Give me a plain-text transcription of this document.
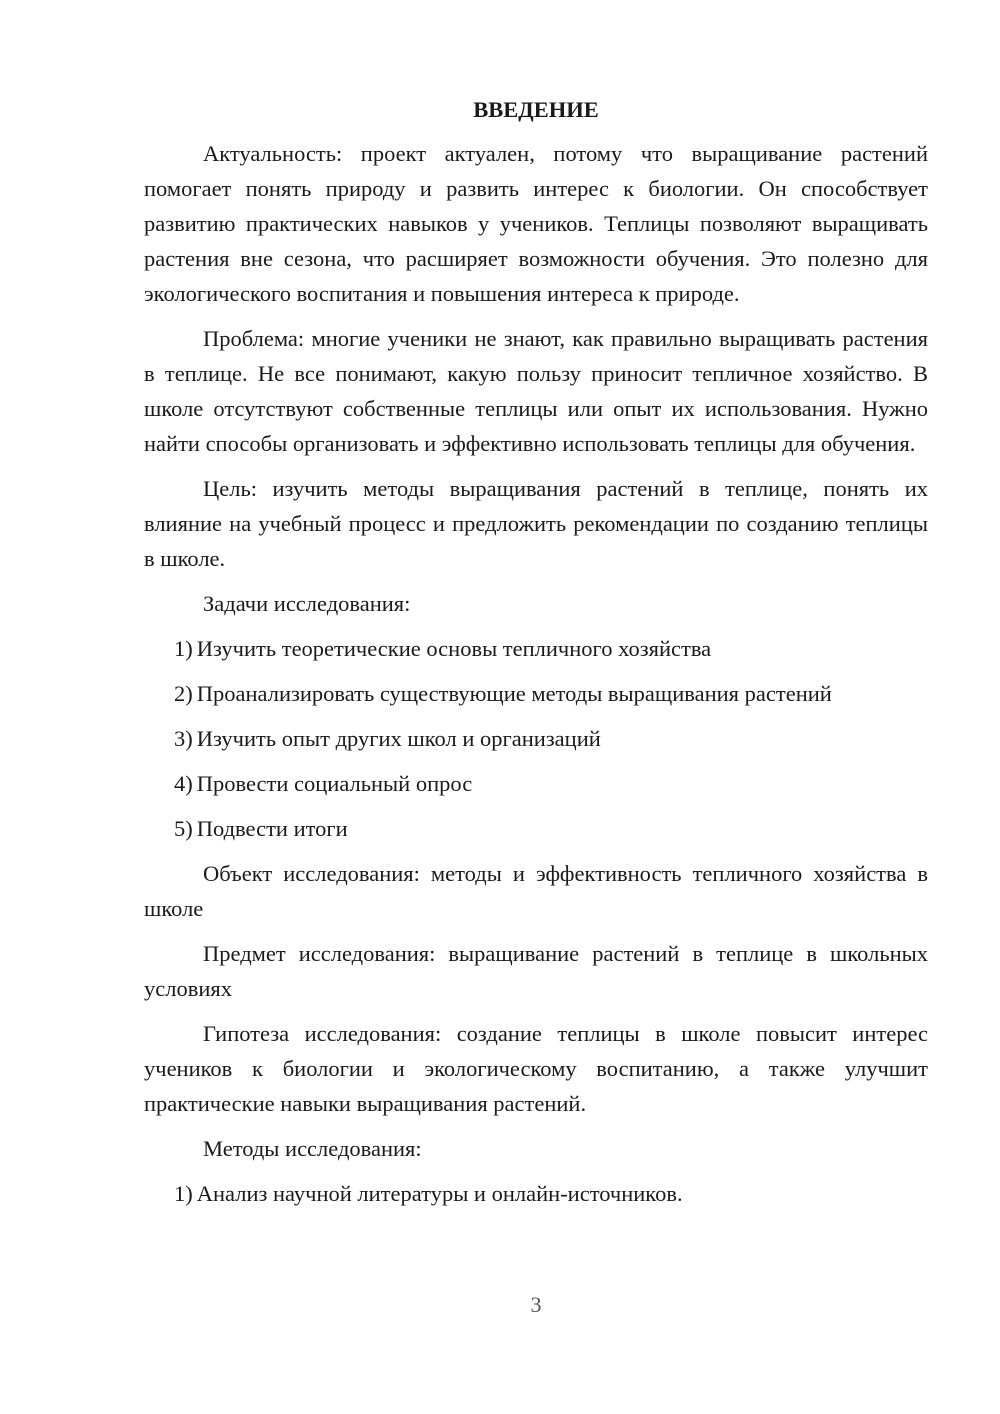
ВВЕДЕНИЕ

Актуальность: проект актуален, потому что выращивание растений помогает понять природу и развить интерес к биологии. Он способствует развитию практических навыков у учеников. Теплицы позволяют выращивать растения вне сезона, что расширяет возможности обучения. Это полезно для экологического воспитания и повышения интереса к природе.

Проблема: многие ученики не знают, как правильно выращивать растения в теплице. Не все понимают, какую пользу приносит тепличное хозяйство. В школе отсутствуют собственные теплицы или опыт их использования. Нужно найти способы организовать и эффективно использовать теплицы для обучения.

Цель: изучить методы выращивания растений в теплице, понять их влияние на учебный процесс и предложить рекомендации по созданию теплицы в школе.

Задачи исследования:

1) Изучить теоретические основы тепличного хозяйства

2) Проанализировать существующие методы выращивания растений

3) Изучить опыт других школ и организаций

4) Провести социальный опрос

5) Подвести итоги

Объект исследования: методы и эффективность тепличного хозяйства в школе

Предмет исследования: выращивание растений в теплице в школьных условиях

Гипотеза исследования: создание теплицы в школе повысит интерес учеников к биологии и экологическому воспитанию, а также улучшит практические навыки выращивания растений.

Методы исследования:

1) Анализ научной литературы и онлайн-источников.

3
